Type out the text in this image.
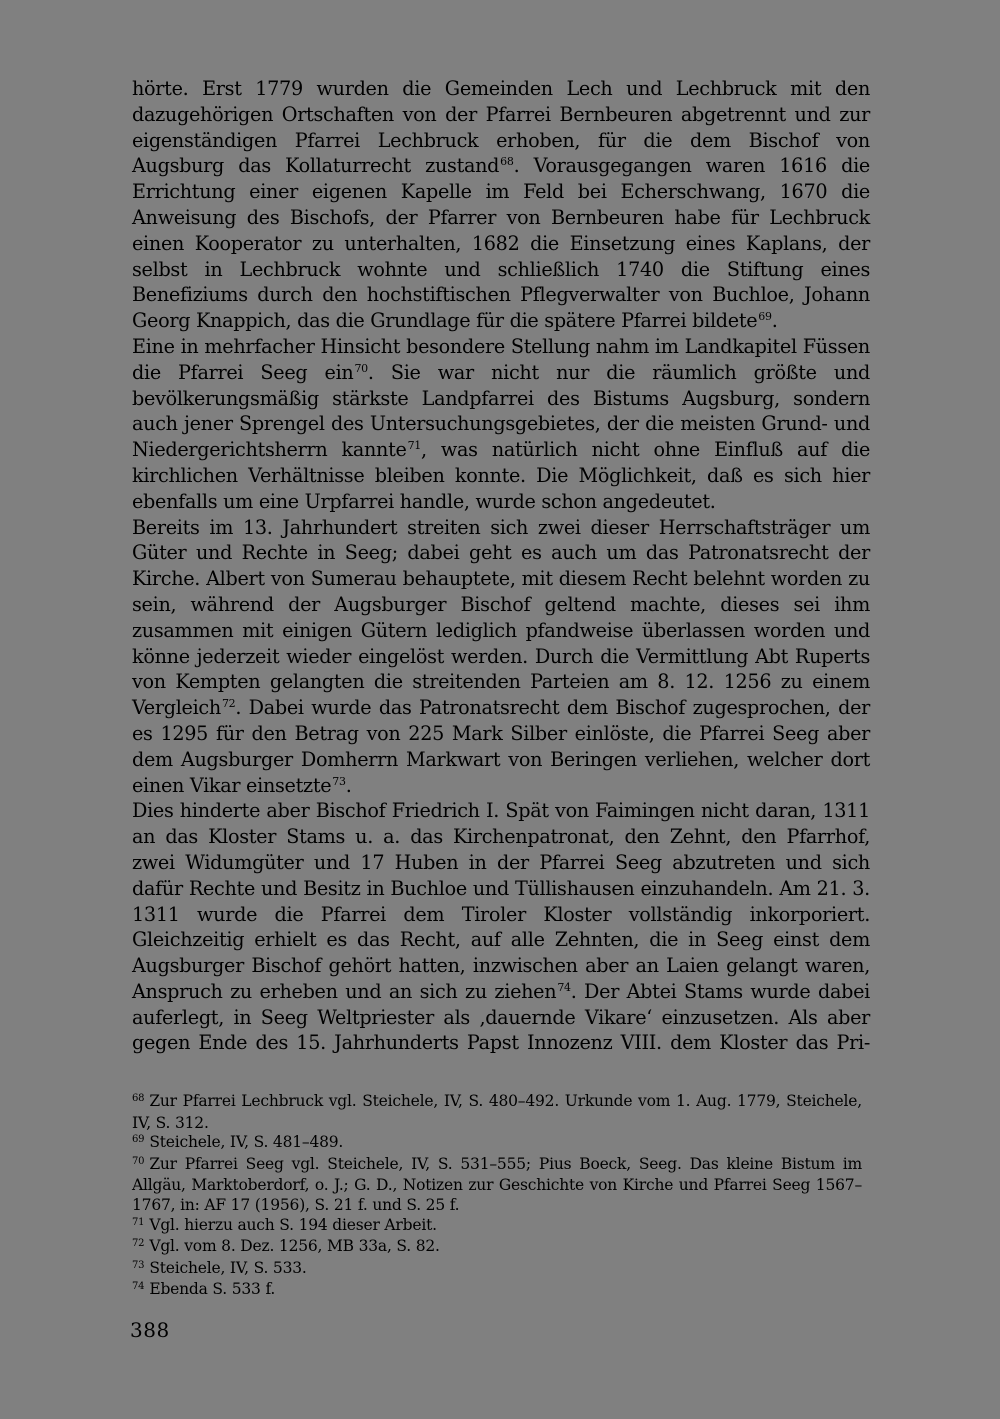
hörte. Erst 1779 wurden die Gemeinden Lech und Lechbruck mit den dazugehörigen Ortschaften von der Pfarrei Bernbeuren abgetrennt und zur eigenständigen Pfarrei Lechbruck erhoben, für die dem Bischof von Augsburg das Kollaturrecht zustand$^{68}$. Vorausgegangen waren 1616 die Errichtung einer eigenen Kapelle im Feld bei Echerschwang, 1670 die Anweisung des Bischofs, der Pfarrer von Bernbeuren habe für Lechbruck einen Kooperator zu unterhalten, 1682 die Einsetzung eines Kaplans, der selbst in Lechbruck wohnte und schließlich 1740 die Stiftung eines Benefiziums durch den hochstiftischen Pflegverwalter von Buchloe, Johann Georg Knappich, das die Grundlage für die spätere Pfarrei bildete$^{69}$.

Eine in mehrfacher Hinsicht besondere Stellung nahm im Landkapitel Füssen die Pfarrei Seeg ein$^{70}$. Sie war nicht nur die räumlich größte und bevölkerungsmäßig stärkste Landpfarrei des Bistums Augsburg, sondern auch jener Sprengel des Untersuchungsgebietes, der die meisten Grund- und Niedergerichtsherrn kannte$^{71}$, was natürlich nicht ohne Einfluß auf die kirchlichen Verhältnisse bleiben konnte. Die Möglichkeit, daß es sich hier ebenfalls um eine Urpfarrei handle, wurde schon angedeutet.

Bereits im 13. Jahrhundert streiten sich zwei dieser Herrschaftsträger um Güter und Rechte in Seeg; dabei geht es auch um das Patronatsrecht der Kirche. Albert von Sumerau behauptete, mit diesem Recht belehnt worden zu sein, während der Augsburger Bischof geltend machte, dieses sei ihm zusammen mit einigen Gütern lediglich pfandweise überlassen worden und könne jederzeit wieder eingelöst werden. Durch die Vermittlung Abt Ruperts von Kempten gelangten die streitenden Parteien am 8. 12. 1256 zu einem Vergleich$^{72}$. Dabei wurde das Patronatsrecht dem Bischof zugesprochen, der es 1295 für den Betrag von 225 Mark Silber einlöste, die Pfarrei Seeg aber dem Augsburger Domherrn Markwart von Beringen verliehen, welcher dort einen Vikar einsetzte$^{73}$.

Dies hinderte aber Bischof Friedrich I. Spät von Faimingen nicht daran, 1311 an das Kloster Stams u. a. das Kirchenpatronat, den Zehnt, den Pfarrhof, zwei Widumgüter und 17 Huben in der Pfarrei Seeg abzutreten und sich dafür Rechte und Besitz in Buchloe und Tüllishausen einzuhandeln. Am 21. 3. 1311 wurde die Pfarrei dem Tiroler Kloster vollständig inkorporiert. Gleichzeitig erhielt es das Recht, auf alle Zehnten, die in Seeg einst dem Augsburger Bischof gehört hatten, inzwischen aber an Laien gelangt waren, Anspruch zu erheben und an sich zu ziehen$^{74}$. Der Abtei Stams wurde dabei auferlegt, in Seeg Weltpriester als ‚dauernde Vikare‘ einzusetzen. Als aber gegen Ende des 15. Jahrhunderts Papst Innozenz VIII. dem Kloster das Pri-

$^{68}$ Zur Pfarrei Lechbruck vgl. Steichele, IV, S. 480–492. Urkunde vom 1. Aug. 1779, Steichele, IV, S. 312.

$^{69}$ Steichele, IV, S. 481–489.

$^{70}$ Zur Pfarrei Seeg vgl. Steichele, IV, S. 531–555; Pius Boeck, Seeg. Das kleine Bistum im Allgäu, Marktoberdorf, o. J.; G. D., Notizen zur Geschichte von Kirche und Pfarrei Seeg 1567–1767, in: AF 17 (1956), S. 21 f. und S. 25 f.

$^{71}$ Vgl. hierzu auch S. 194 dieser Arbeit.

$^{72}$ Vgl. vom 8. Dez. 1256, MB 33a, S. 82.

$^{73}$ Steichele, IV, S. 533.

$^{74}$ Ebenda S. 533 f.

388
